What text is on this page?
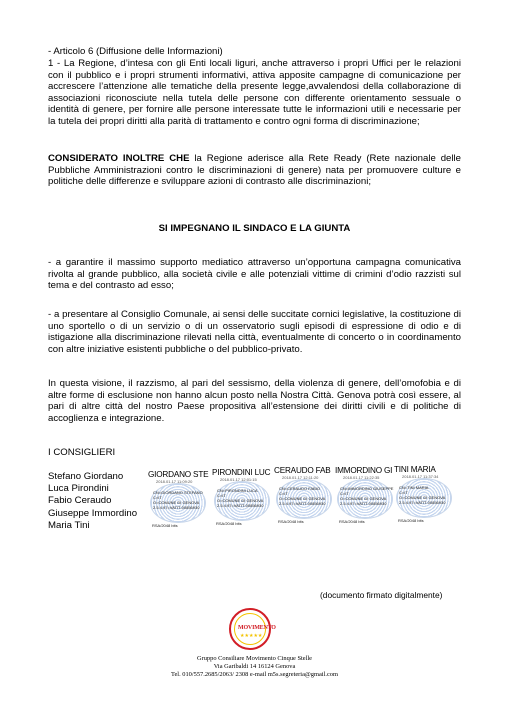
- Articolo 6 (Diffusione delle Informazioni)

1 - La Regione, d’intesa con gli Enti locali liguri, anche attraverso i propri Uffici per le relazioni con il pubblico e i propri strumenti informativi, attiva apposite campagne di comunicazione per accrescere l’attenzione alle tematiche della presente legge,avvalendosi della collaborazione di associazioni riconosciute nella tutela delle persone con differente orientamento sessuale o identità di genere, per fornire alle persone interessate tutte le informazioni utili e necessarie per la tutela dei propri diritti alla parità di trattamento e contro ogni forma di discriminazione;

CONSIDERATO INOLTRE CHE la Regione aderisce alla Rete Ready (Rete nazionale delle Pubbliche Amministrazioni contro le discriminazioni di genere) nata per promuovere culture e politiche delle differenze e sviluppare azioni di contrasto alle discriminazioni;

SI IMPEGNANO IL SINDACO E LA GIUNTA

- a garantire il massimo supporto mediatico attraverso un’opportuna campagna comunicativa rivolta al grande pubblico, alla società civile e alle potenziali vittime di crimini d’odio razzisti sul tema e del contrasto ad esso;

- a presentare al Consiglio Comunale, ai sensi delle succitate cornici legislative, la costituzione di uno sportello o di un servizio o di un osservatorio sugli episodi di espressione di odio e di istigazione alla discriminazione rilevati nella città, eventualmente di concerto o in coordinamento con altre iniziative esistenti pubbliche o del pubblico-privato.

In questa visione, il razzismo, al pari del sessismo, della violenza di genere, dell’omofobia e di altre forme di esclusione non hanno alcun posto nella Nostra Città. Genova potrà così essere, al pari di altre città del nostro Paese propositiva all’estensione dei diritti civili e di politiche di accoglienza e integrazione.

I CONSIGLIERI
Stefano Giordano
Luca Pirondini
Fabio Ceraudo
Giuseppe Immordino
Maria Tini
GIORDANO STE
2018.01.17 11:09:20
CN=GIORDANO STEFANO
C=IT
O=COMUNE DI GENOVA
2.5.4.97=VATIT-00856930
RSA/2048 bits
PIRONDINI LUC
2018.01.17 12:01:15
CN=PIRONDINI LUCA
C=IT
O=COMUNE DI GENOVA
2.5.4.97=VATIT-00856930
RSA/2048 bits
CERAUDO FAB
2018.01.17 12:11:20
CN=CERAUDO FABIO
C=IT
O=COMUNE DI GENOVA
2.5.4.97=VATIT-00856930
RSA/2048 bits
IMMORDINO GI
2018.01.17 11:22:35
CN=IMMORDINO GIUSEPPE
C=IT
O=COMUNE DI GENOVA
2.5.4.97=VATIT-00856930
RSA/2048 bits
TINI MARIA
2018.01.17 11:37:34
CN=TINI MARIA
C=IT
O=COMUNE DI GENOVA
2.5.4.97=VATIT-00856930
RSA/2048 bits
(documento firmato digitalmente)
MOVIMENTO
★★★★★
Gruppo Consiliare Movimento Cinque Stelle
Via Garibaldi 14 16124 Genova
Tel. 010/557.2685/2063/ 2308 e-mail m5s.segreteria@gmail.com
